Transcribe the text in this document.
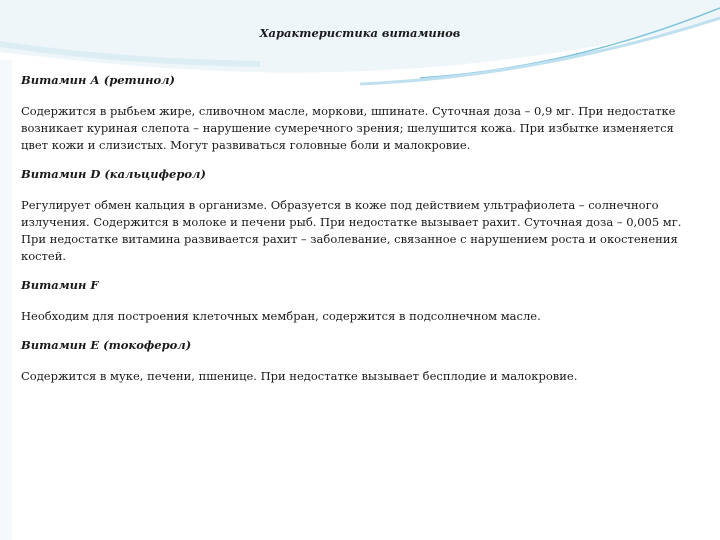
Характеристика витаминов
Витамин А (ретинол)
Содержится в рыбьем жире, сливочном масле, моркови, шпинате. Суточная доза – 0,9 мг. При недостатке возникает куриная слепота – нарушение сумеречного зрения; шелушится кожа. При избытке изменяется цвет кожи и слизистых. Могут развиваться головные боли и малокровие.
Витамин D (кальциферол)
Регулирует обмен кальция в организме. Образуется в коже под действием ультрафиолета – солнечного излучения. Содержится в молоке и печени рыб. При недостатке вызывает рахит. Суточная доза – 0,005 мг. При недостатке витамина развивается рахит – заболевание, связанное с нарушением роста и окостенения костей.
Витамин F
Необходим для построения клеточных мембран, содержится в подсолнечном масле.
Витамин Е (токоферол)
Содержится в муке, печени, пшенице. При недостатке вызывает бесплодие и малокровие.
